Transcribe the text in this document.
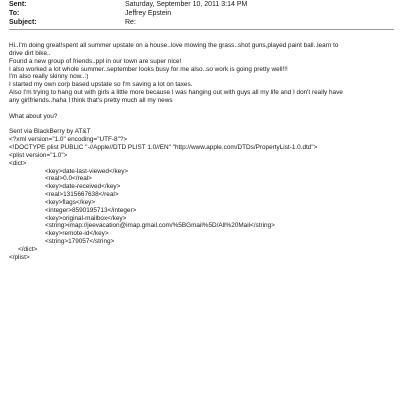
Sent:	Saturday, September 10, 2011 3:14 PM
To:	Jeffrey Epstein
Subject:	Re:
Hi..I'm doing great!spent all summer upstate on a house..love mowing the grass..shot guns,played paint ball..learn to
drive dirt bike..
Found a new group of friends..ppl in our town are super nice!
I also worked a lot whole summer..september looks busy for me also..so work is going pretty well!!!
I'm also really skinny now..:)
I started my own corp based upstate so I'm saving a lot on taxes.
Also I'm trying to hang out with girls a little more because I was hanging out with guys all my life and I don't really have
any girlfriends..haha I think that's pretty much all my news
What about you?
Sent via BlackBerry by AT&T
<?xml version="1.0" encoding="UTF-8"?>
<!DOCTYPE plist PUBLIC "-//Apple//DTD PLIST 1.0//EN" "http://www.apple.com/DTDs/PropertyList-1.0.dtd">
<plist version="1.0">
<dict>
<key>date-last-viewed</key>
<real>0.0</real>
<key>date-received</key>
<real>1315667638</real>
<key>flags</key>
<integer>8590195713</integer>
<key>original-mailbox</key>
<string>imap://jeevacation@imap.gmail.com/%5BGmail%5D/All%20Mail</string>
<key>remote-id</key>
<string>179057</string>
</dict>
</plist>
